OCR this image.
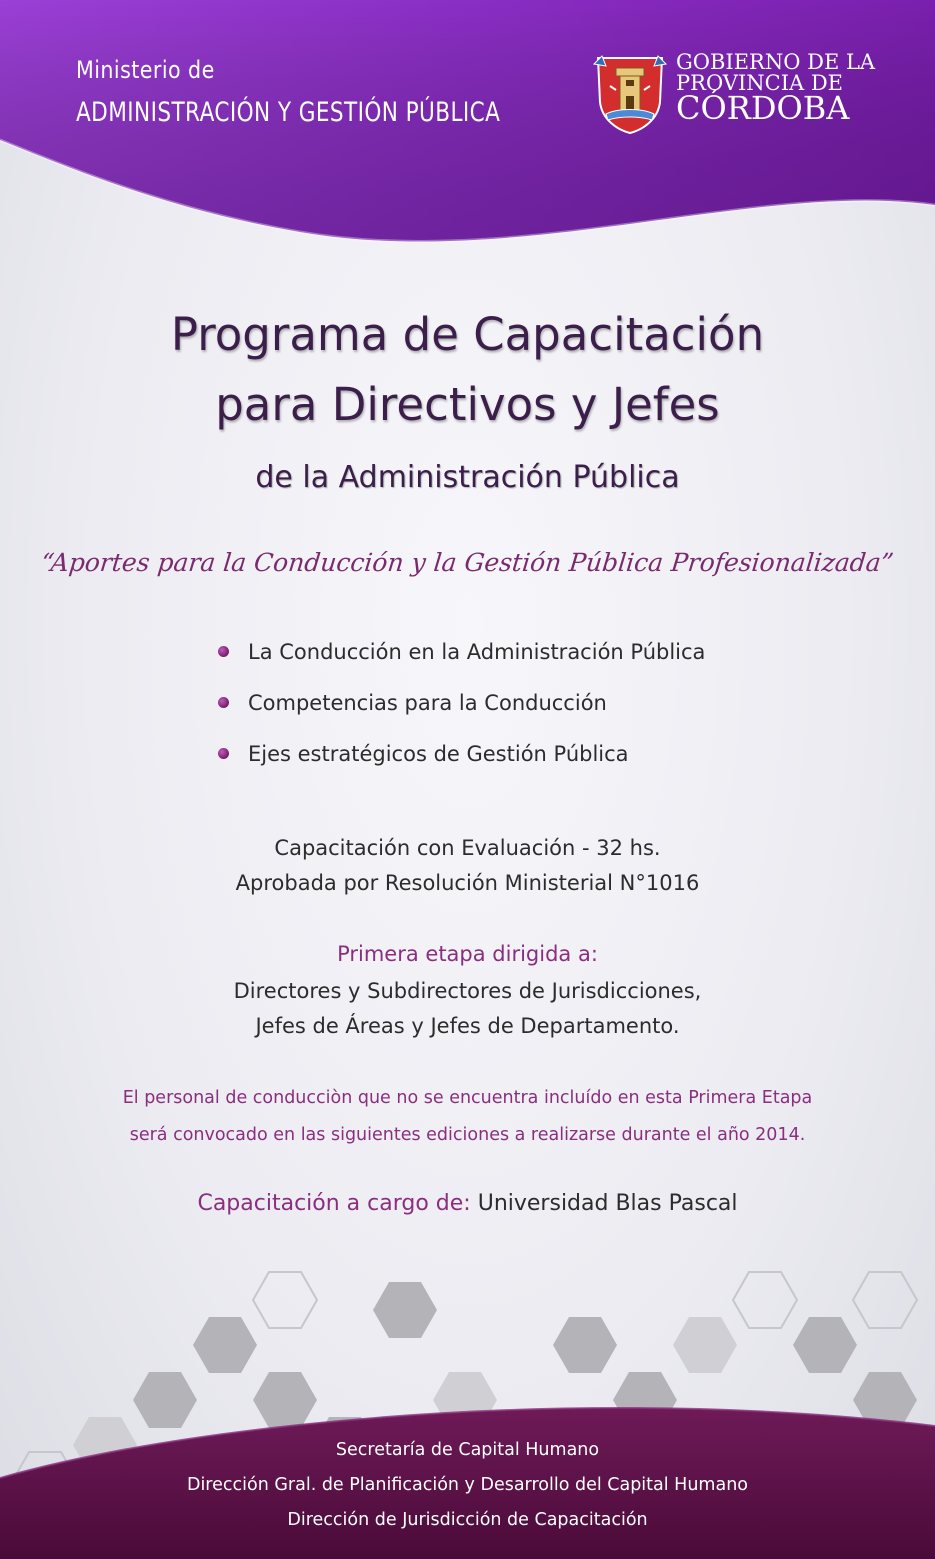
Ministerio de
ADMINISTRACIÓN Y GESTIÓN PÚBLICA
GOBIERNO DE LA
PROVINCIA DE
CÓRDOBA
Programa de Capacitación
para Directivos y Jefes
de la Administración Pública
“Aportes para la Conducción y la Gestión Pública Profesionalizada”
La Conducción en la Administración Pública
Competencias para la Conducción
Ejes estratégicos de Gestión Pública
Capacitación con Evaluación - 32 hs.
Aprobada por Resolución Ministerial N°1016
Primera etapa dirigida a:
Directores y Subdirectores de Jurisdicciones,
Jefes de Áreas y Jefes de Departamento.
El personal de conducciòn que no se encuentra incluído en esta Primera Etapa
será convocado en las siguientes ediciones a realizarse durante el año 2014.
Capacitación a cargo de: Universidad Blas Pascal
Secretaría de Capital Humano
Dirección Gral. de Planificación y Desarrollo del Capital Humano
Dirección de Jurisdicción de Capacitación
